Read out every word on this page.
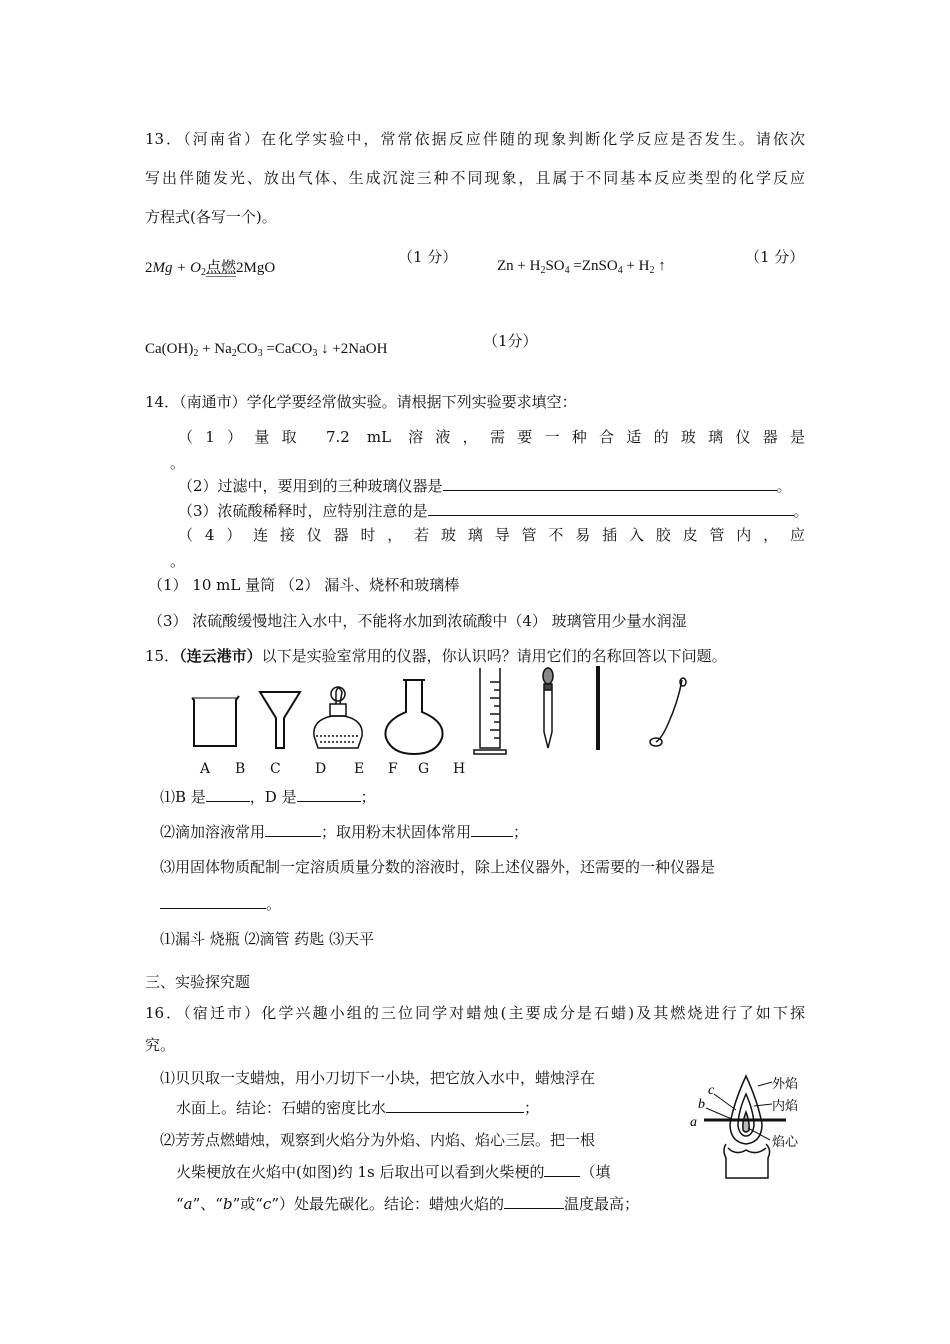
13．（河南省）在化学实验中，常常依据反应伴随的现象判断化学反应是否发生。请依次
写出伴随发光、放出气体、生成沉淀三种不同现象，且属于不同基本反应类型的化学反应
方程式(各写一个)。
$2Mg + O_2$点燃2MgO
（1 分）	$Zn + H_2SO_4$ =ZnSO$_4$ + $H_2$ ↑	（1 分）
$Ca(OH)_2 + Na_2CO_3$ =CaCO$_3$ ↓ +2NaOH	（1分）
14．（南通市）学化学要经常做实验。请根据下列实验要求填空：
（1）量取 7.2 mL 溶液，需要一种合适的玻璃仪器是
。
（2）过滤中，要用到的三种玻璃仪器是	。
（3）浓硫酸稀释时，应特别注意的是	。
（4）连接仪器时，若玻璃导管不易插入胶皮管内，应
。
（1） 10 mL 量筒 （2） 漏斗、烧杯和玻璃棒
（3） 浓硫酸缓慢地注入水中，不能将水加到浓硫酸中（4） 玻璃管用少量水润湿
15．（连云港市）以下是实验室常用的仪器，你认识吗？请用它们的名称回答以下问题。
A B C D E F G H
⑴B 是	，D 是	；
⑵滴加溶液常用	；取用粉末状固体常用	；
⑶用固体物质配制一定溶质质量分数的溶液时，除上述仪器外，还需要的一种仪器是
。
⑴漏斗 烧瓶 ⑵滴管 药匙 ⑶天平
三、实验探究题
16．（宿迁市）化学兴趣小组的三位同学对蜡烛(主要成分是石蜡)及其燃烧进行了如下探
究。
⑴贝贝取一支蜡烛，用小刀切下一小块，把它放入水中，蜡烛浮在
水面上。结论：石蜡的密度比水	；
⑵芳芳点燃蜡烛，观察到火焰分为外焰、内焰、焰心三层。把一根
火柴梗放在火焰中(如图)约 1s 后取出可以看到火柴梗的 （填
“a”、“b”或“c”）处最先碳化。结论：蜡烛火焰的	温度最高；
外焰
内焰
焰心
c
b
a
